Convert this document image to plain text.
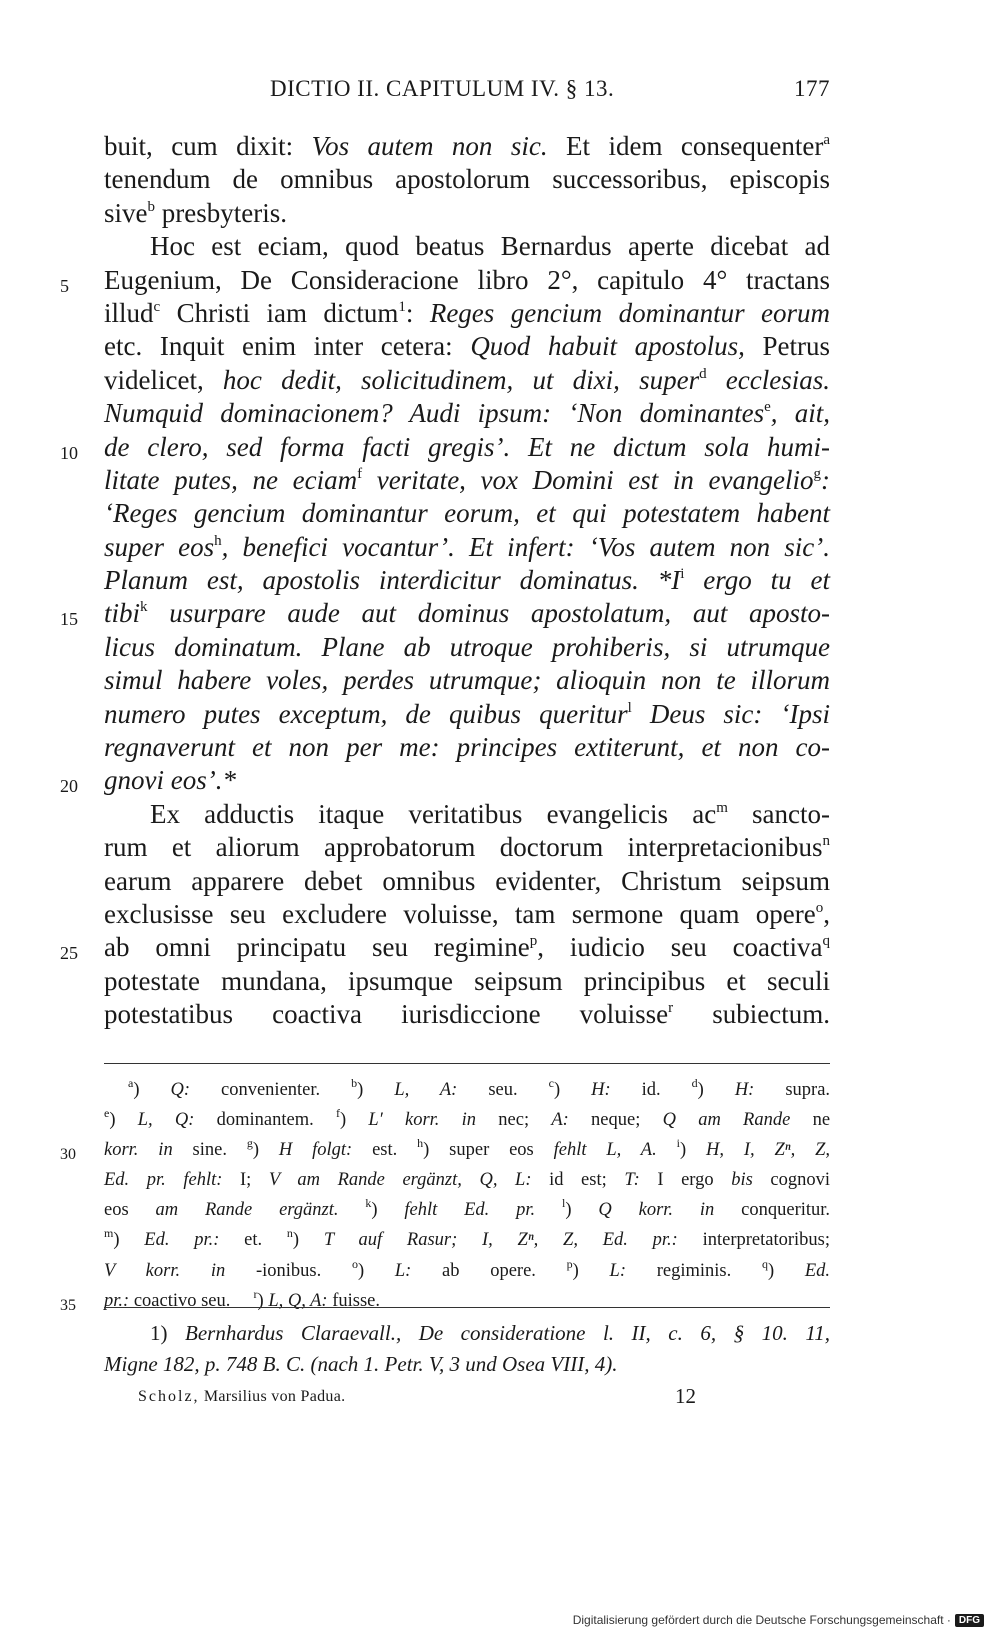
DICTIO II. CAPITULUM IV. § 13.	177
buit, cum dixit: Vos autem non sic. Et idem consequenter$^a$
tenendum de omnibus apostolorum successoribus, episcopis
sive$^b$ presbyteris.
Hoc est eciam, quod beatus Bernardus aperte dicebat ad
5	Eugenium, De Consideracione libro 2°, capitulo 4° tractans
illud$^c$ Christi iam dictum$^1$: Reges gencium dominantur eorum
etc. Inquit enim inter cetera: Quod habuit apostolus, Petrus
videlicet, hoc dedit, solicitudinem, ut dixi, super$^d$ ecclesias.
Numquid dominacionem? Audi ipsum: ‘Non dominantes$^e$, ait,
10 de clero, sed forma facti gregis’. Et ne dictum sola humi-
litate putes, ne eciam$^f$ veritate, vox Domini est in evangelio$^g$:
‘Reges gencium dominantur eorum, et qui potestatem habent
super eos$^h$, benefici vocantur’. Et infert: ‘Vos autem non sic’.
Planum est, apostolis interdicitur dominatus. $*I^i$ ergo tu et
15 tibi$^k$ usurpare aude aut dominus apostolatum, aut aposto-
licus dominatum. Plane ab utroque prohiberis, si utrumque
simul habere voles, perdes utrumque; alioquin non te illorum
numero putes exceptum, de quibus queritur$^l$ Deus sic: ‘Ipsi
regnaverunt et non per me: principes extiterunt, et non co-
20 gnovi eos’.*
Ex adductis itaque veritatibus evangelicis $ac^m$ sancto-
rum et aliorum approbatorum doctorum interpretacionibus$^n$
earum apparere debet omnibus evidenter, Christum seipsum
exclusisse seu excludere voluisse, tam sermone quam opere$^o$,
25 ab omni principatu seu regimine$^p$, iudicio seu coactiva$^q$
potestate mundana, ipsumque seipsum principibus et seculi
potestatibus coactiva iurisdiccione voluisse$^r$ subiectum.
$^a$) Q: convenienter.	$^b$) L, A: seu.	$^c$) H: id.	$^d$) H: supra.
$^e$) L, Q: dominantem. $^f$) L′ korr. in nec; A: neque; Q am Rande ne
30	korr. in sine. $^g$) H folgt: est. $^h$) super eos fehlt L, A. $^i$) H, I, Zⁿ, Z,
Ed. pr. fehlt: I; V am Rande ergänzt, Q, L: id est; T: I ergo bis cognovi
eos am Rande ergänzt. $^k$) fehlt Ed. pr. $^l$) Q korr. in conqueritur.
$^m$) Ed. pr.: et. $^n$) T auf Rasur; I, Zⁿ, Z, Ed. pr.: interpretatoribus;
V korr. in -ionibus.	$^o$) L: ab opere.	$^p$) L: regiminis.	$^q$) Ed.
35	pr.: coactivo seu. $^r$) L, Q, A: fuisse.
1) Bernhardus Claraevall., De consideratione l. II, c. 6, § 10. 11,
Migne 182, p. 748 B. C. (nach 1. Petr. V, 3 und Osea VIII, 4).
Scholz, Marsilius von Padua.	12
Digitalisierung gefördert durch die Deutsche Forschungsgemeinschaft · DFG
